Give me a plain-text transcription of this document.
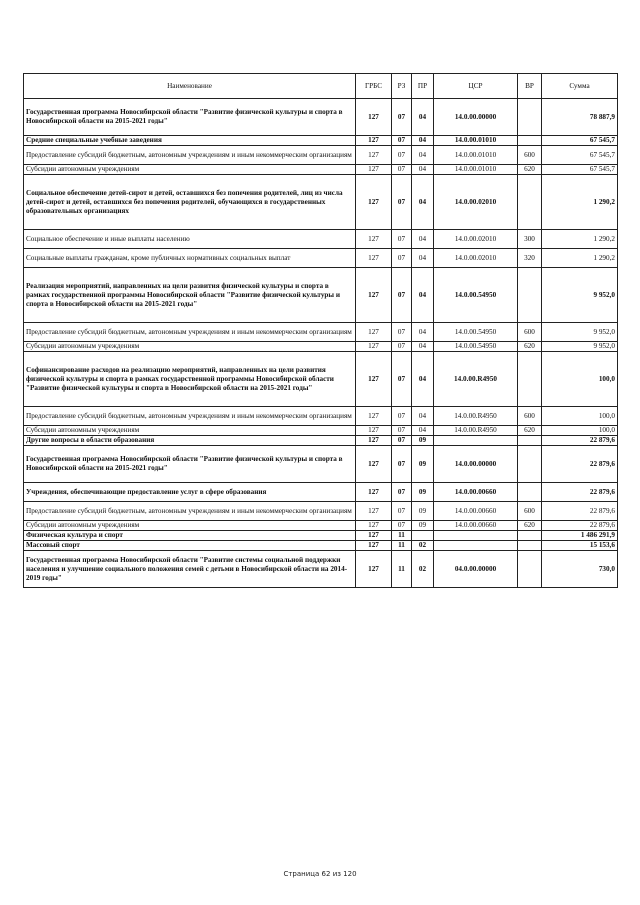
Наименование	ГРБС	РЗ	ПР	ЦСР	ВР	Сумма
Государственная программа Новосибирской области "Развитие физической культуры и спорта в Новосибирской области на 2015-2021 годы"	127	07	04	14.0.00.00000		78 887,9
Средние специальные учебные заведения	127	07	04	14.0.00.01010		67 545,7
Предоставление субсидий бюджетным, автономным учреждениям и иным некоммерческим организациям	127	07	04	14.0.00.01010	600	67 545,7
Субсидии автономным учреждениям	127	07	04	14.0.00.01010	620	67 545,7
Социальное обеспечение детей-сирот и детей, оставшихся без попечения родителей, лиц из числа детей-сирот и детей, оставшихся без попечения родителей, обучающихся в государственных образовательных организациях	127	07	04	14.0.00.02010		1 290,2
Социальное обеспечение и иные выплаты населению	127	07	04	14.0.00.02010	300	1 290,2
Социальные выплаты гражданам, кроме публичных нормативных социальных выплат	127	07	04	14.0.00.02010	320	1 290,2
Реализация мероприятий, направленных на цели развития физической культуры и спорта в рамках государственной программы Новосибирской области "Развитие физической культуры и спорта в Новосибирской области на 2015-2021 годы"	127	07	04	14.0.00.54950		9 952,0
Предоставление субсидий бюджетным, автономным учреждениям и иным некоммерческим организациям	127	07	04	14.0.00.54950	600	9 952,0
Субсидии автономным учреждениям	127	07	04	14.0.00.54950	620	9 952,0
Софинансирование расходов на реализацию мероприятий, направленных на цели развития физической культуры и спорта в рамках государственной программы Новосибирской области "Развитие физической культуры и спорта в Новосибирской области на 2015-2021 годы"	127	07	04	14.0.00.R4950		100,0
Предоставление субсидий бюджетным, автономным учреждениям и иным некоммерческим организациям	127	07	04	14.0.00.R4950	600	100,0
Субсидии автономным учреждениям	127	07	04	14.0.00.R4950	620	100,0
Другие вопросы в области образования	127	07	09			22 879,6
Государственная программа Новосибирской области "Развитие физической культуры и спорта в Новосибирской области на 2015-2021 годы"	127	07	09	14.0.00.00000		22 879,6
Учреждения, обеспечивающие предоставление услуг в сфере образования	127	07	09	14.0.00.00660		22 879,6
Предоставление субсидий бюджетным, автономным учреждениям и иным некоммерческим организациям	127	07	09	14.0.00.00660	600	22 879,6
Субсидии автономным учреждениям	127	07	09	14.0.00.00660	620	22 879,6
Физическая культура и спорт	127	11				1 486 291,9
Массовый спорт	127	11	02			15 153,6
Государственная программа Новосибирской области "Развитие системы социальной поддержки населения и улучшение социального положения семей с детьми в Новосибирской области на 2014-2019 годы"	127	11	02	04.0.00.00000		730,0
Страница 62 из 120
